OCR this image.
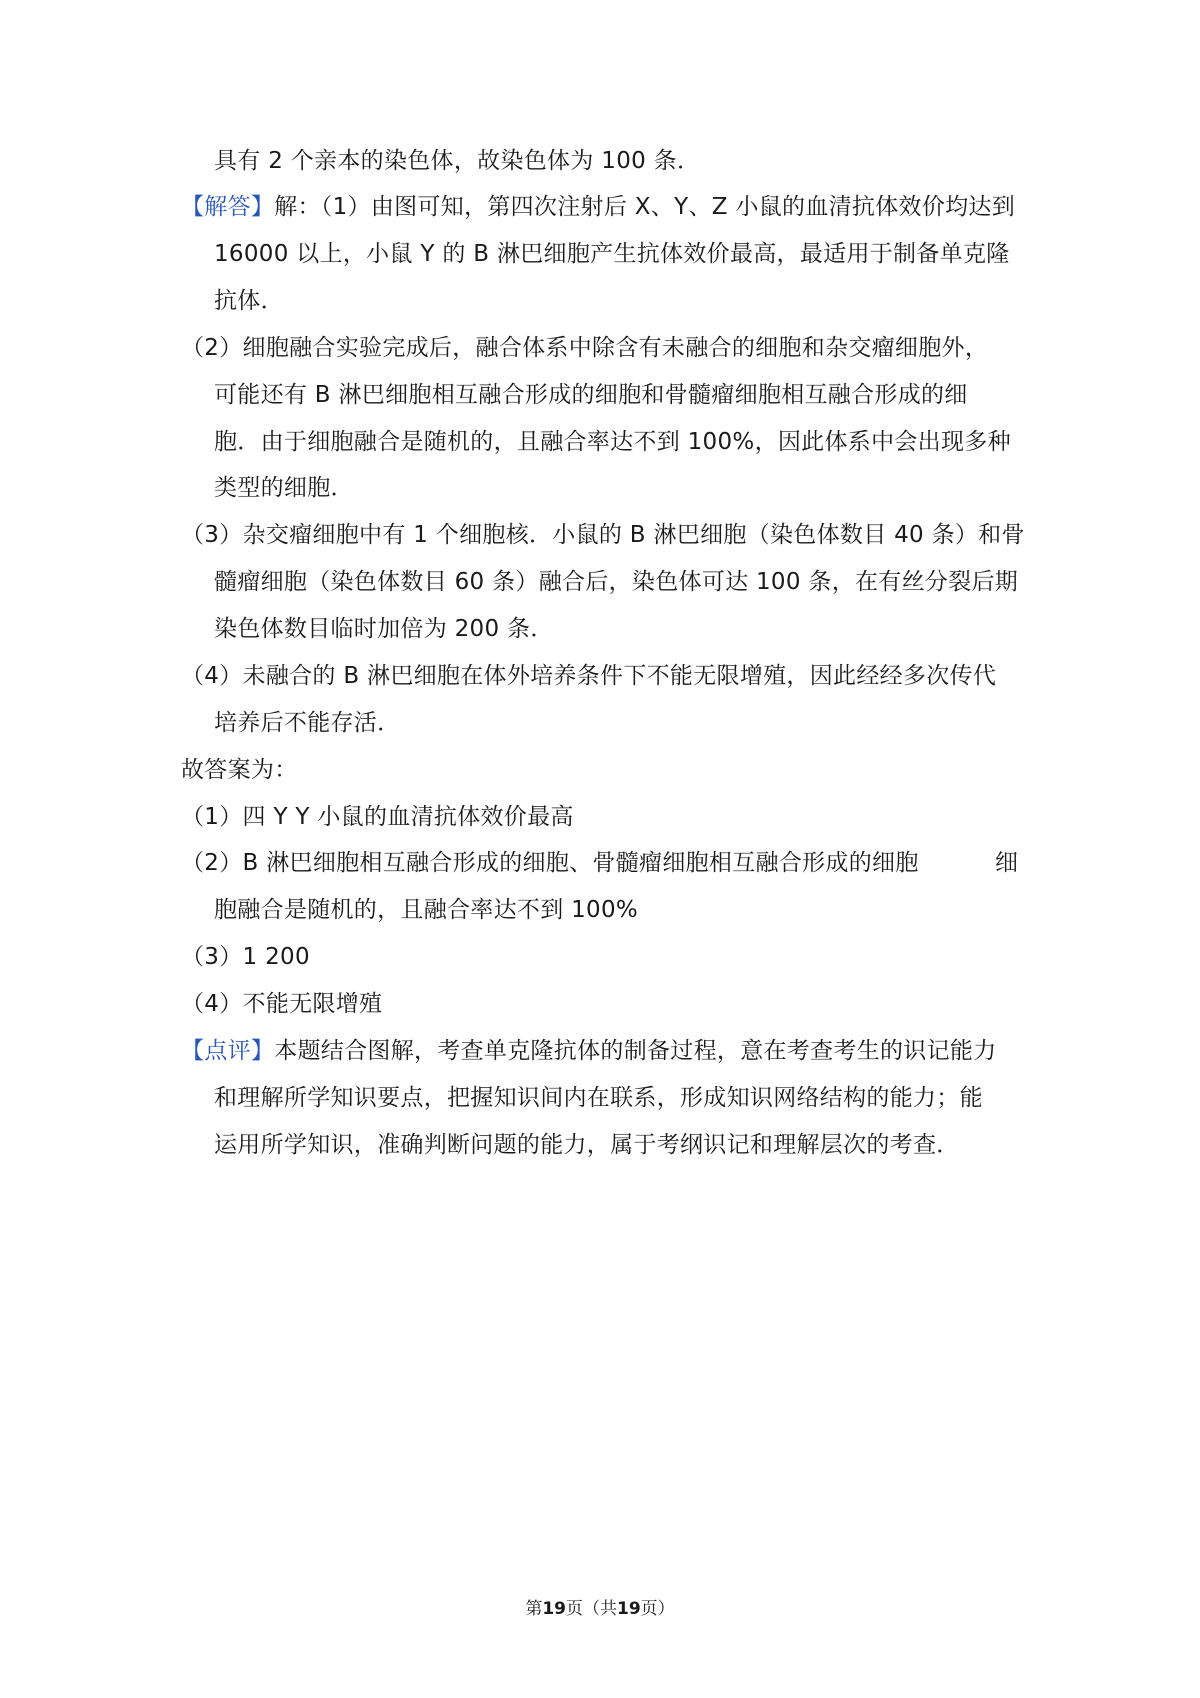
具有 2 个亲本的染色体，故染色体为 100 条．
【解答】解：（1）由图可知，第四次注射后 X、Y、Z 小鼠的血清抗体效价均达到
16000 以上，小鼠 Y 的 B 淋巴细胞产生抗体效价最高，最适用于制备单克隆
抗体．
（2）细胞融合实验完成后，融合体系中除含有未融合的细胞和杂交瘤细胞外，
可能还有 B 淋巴细胞相互融合形成的细胞和骨髓瘤细胞相互融合形成的细
胞．由于细胞融合是随机的，且融合率达不到 100%，因此体系中会出现多种
类型的细胞．
（3）杂交瘤细胞中有 1 个细胞核．小鼠的 B 淋巴细胞（染色体数目 40 条）和骨
髓瘤细胞（染色体数目 60 条）融合后，染色体可达 100 条，在有丝分裂后期
染色体数目临时加倍为 200 条．
（4）未融合的 B 淋巴细胞在体外培养条件下不能无限增殖，因此经经多次传代
培养后不能存活．
故答案为：
（1）四 Y Y 小鼠的血清抗体效价最高
（2）B 淋巴细胞相互融合形成的细胞、骨髓瘤细胞相互融合形成的细胞	细
胞融合是随机的，且融合率达不到 100%
（3）1 200
（4）不能无限增殖
【点评】本题结合图解，考查单克隆抗体的制备过程，意在考查考生的识记能力
和理解所学知识要点，把握知识间内在联系，形成知识网络结构的能力；能
运用所学知识，准确判断问题的能力，属于考纲识记和理解层次的考查．
第19页（共19页）
